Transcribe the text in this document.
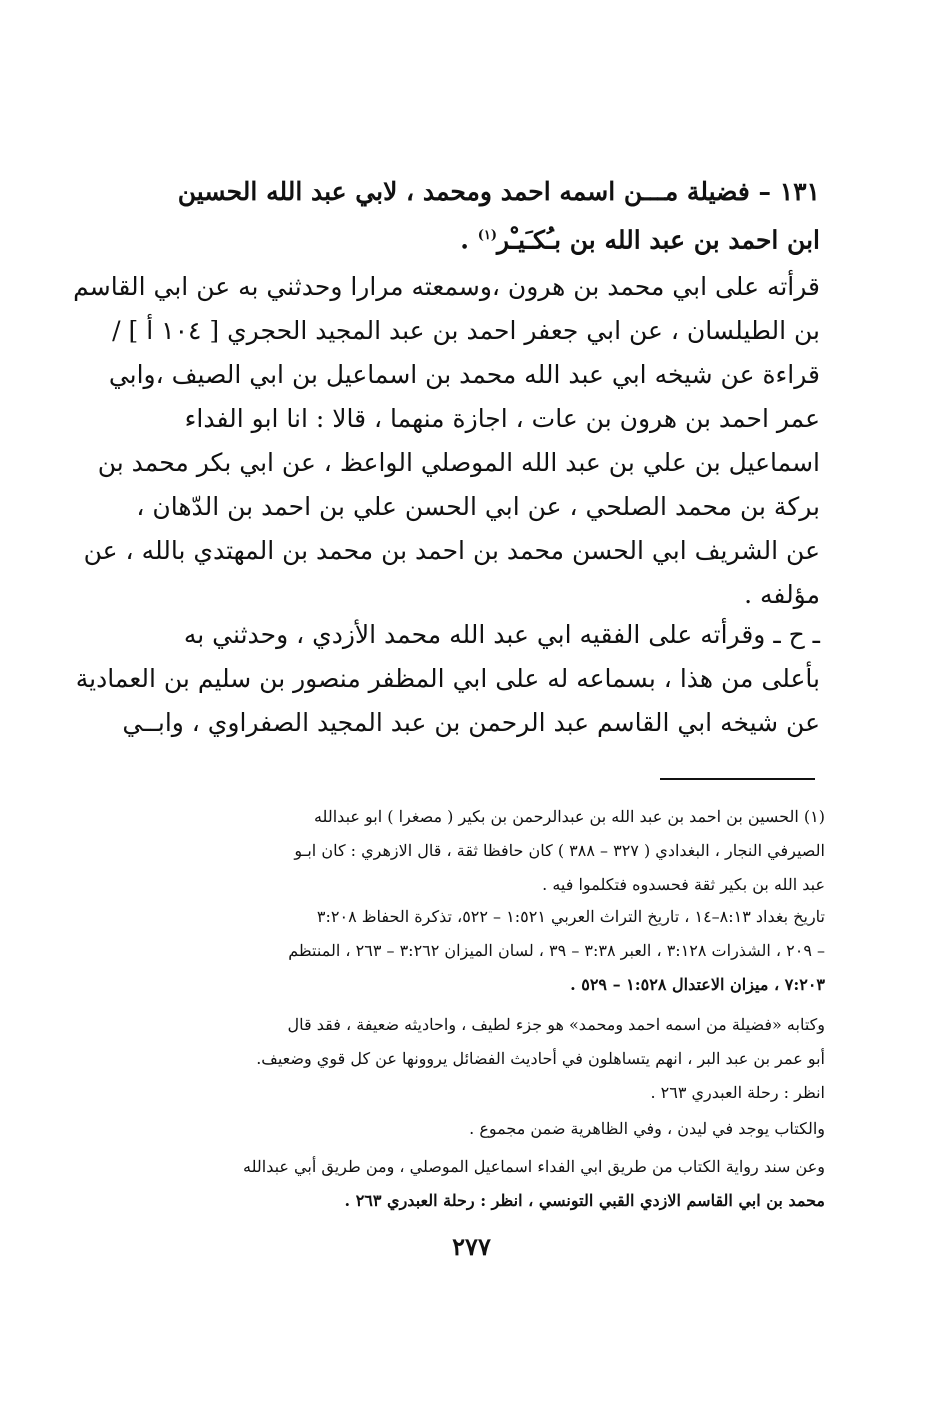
١٣١ – فضيلة مـــن اسمه احمد ومحمد ، لابي عبد الله الحسين
ابن احمد بن عبد الله بن بـُكـَيـْر$^{(١)}$ .
قرأته على ابي محمد بن هرون ،وسمعته مرارا وحدثني به عن ابي القاسم
بن الطيلسان ، عن ابي جعفر احمد بن عبد المجيد الحجري [ ١٠٤ أ ] /
قراءة عن شيخه ابي عبد الله محمد بن اسماعيل بن ابي الصيف ،وابي
عمر احمد بن هرون بن عات ، اجازة منهما ، قالا : انا ابو الفداء
اسماعيل بن علي بن عبد الله الموصلي الواعظ ، عن ابي بكر محمد بن
بركة بن محمد الصلحي ، عن ابي الحسن علي بن احمد بن الدّهان ،
عن الشريف ابي الحسن محمد بن احمد بن محمد بن المهتدي بالله ، عن
مؤلفه .
ـ ح ـ وقرأته على الفقيه ابي عبد الله محمد الأزدي ، وحدثني به
بأعلى من هذا ، بسماعه له على ابي المظفر منصور بن سليم بن العمادية
عن شيخه ابي القاسم عبد الرحمن بن عبد المجيد الصفراوي ، وابــي
(١) الحسين بن احمد بن عبد الله بن عبدالرحمن بن بكير ( مصغرا ) ابو عبدالله
الصيرفي النجار ، البغدادي ( ٣٢٧ – ٣٨٨ ) كان حافظا ثقة ، قال الازهري : كان ابـو
عبد الله بن بكير ثقة فحسدوه فتكلموا فيه .
تاريخ بغداد ٨:١٣–١٤ ، تاريخ التراث العربي ١:٥٢١ – ٥٢٢، تذكرة الحفاظ ٣:٢٠٨
– ٢٠٩ ، الشذرات ٣:١٢٨ ، العبر ٣:٣٨ – ٣٩ ، لسان الميزان ٣:٢٦٢ – ٢٦٣ ، المنتظم
٧:٢٠٣ ، ميزان الاعتدال ١:٥٢٨ – ٥٢٩ .
وكتابه «فضيلة من اسمه احمد ومحمد» هو جزء لطيف ، واحاديثه ضعيفة ، فقد قال
أبو عمر بن عبد البر ، انهم يتساهلون في أحاديث الفضائل يروونها عن كل قوي وضعيف.
انظر : رحلة العبدري ٢٦٣ .
والكتاب يوجد في ليدن ، وفي الظاهرية ضمن مجموع .
وعن سند رواية الكتاب من طريق ابي الفداء اسماعيل الموصلي ، ومن طريق أبي عبدالله
محمد بن ابي القاسم الازدي القبي التونسي ، انظر : رحلة العبدري ٢٦٣ .
٢٧٧
